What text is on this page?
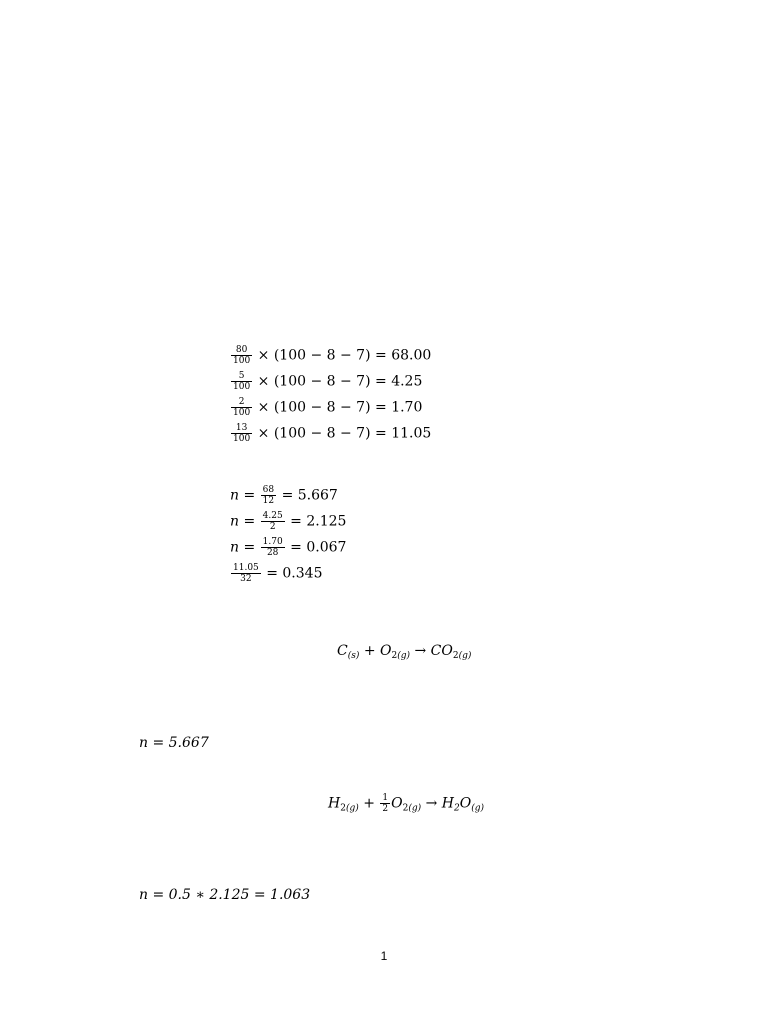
$\frac{80}{100} \times (100 - 8 - 7) = 68.00$
$\frac{5}{100} \times (100 - 8 - 7) = 4.25$
$\frac{2}{100} \times (100 - 8 - 7) = 1.70$
$\frac{13}{100} \times (100 - 8 - 7) = 11.05$
$n = \frac{68}{12} = 5.667$
$n = \frac{4.25}{2} = 2.125$
$n = \frac{1.70}{28} = 0.067$
$\frac{11.05}{32} = 0.345$
$C_{(s)} + O_{2(g)} \to CO_{2(g)}$
n = 5.667
$H_{2(g)} + \frac{1}{2} O_{2(g)} \to H_2O_{(g)}$
n = 0.5 ∗ 2.125 = 1.063
1
